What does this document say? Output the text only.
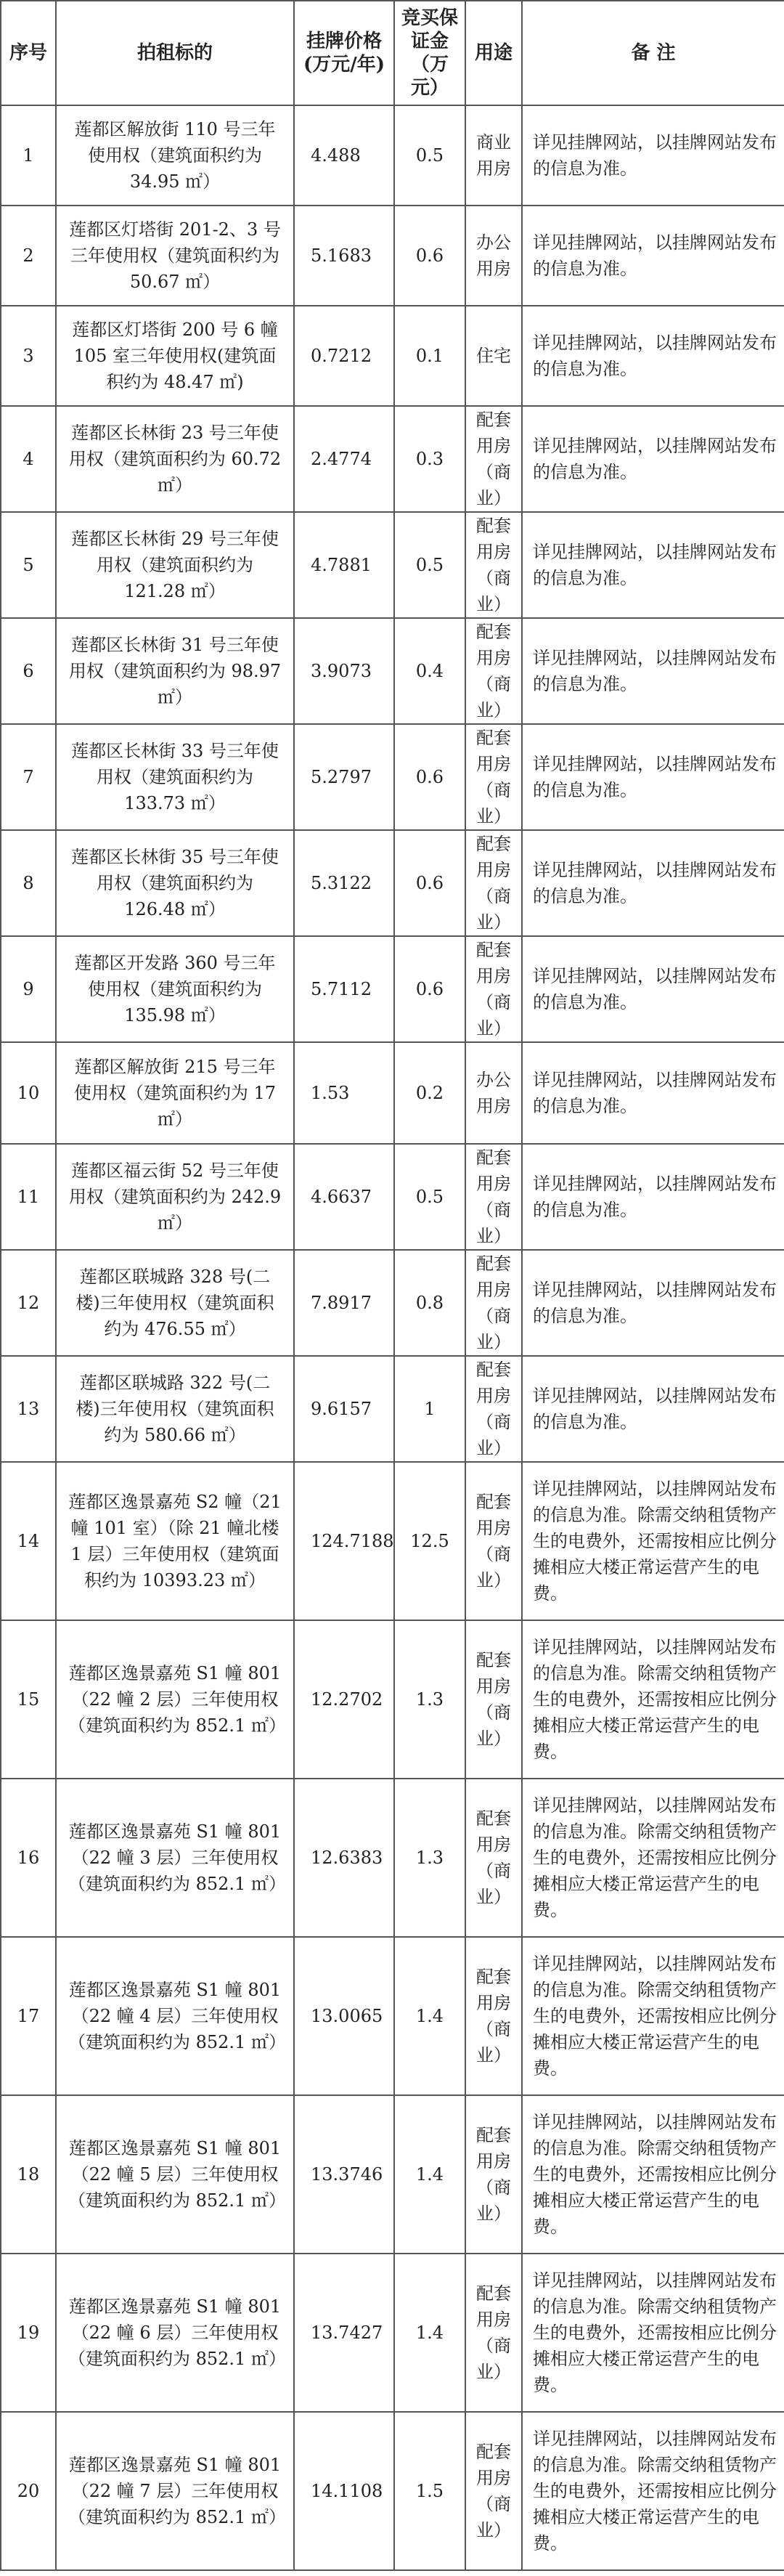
序号	拍租标的	挂牌价格(万元/年)	竞买保证金（万元）	用途	备 注
1	莲都区解放街 110 号三年使用权（建筑面积约为 34.95 ㎡）	4.488	0.5	商业用房	详见挂牌网站，以挂牌网站发布的信息为准。
2	莲都区灯塔街 201-2、3 号三年使用权（建筑面积约为 50.67 ㎡）	5.1683	0.6	办公用房	详见挂牌网站，以挂牌网站发布的信息为准。
3	莲都区灯塔街 200 号 6 幢 105 室三年使用权(建筑面积约为 48.47 ㎡)	0.7212	0.1	住宅	详见挂牌网站，以挂牌网站发布的信息为准。
4	莲都区长林街 23 号三年使用权（建筑面积约为 60.72 ㎡）	2.4774	0.3	配套用房（商业）	详见挂牌网站，以挂牌网站发布的信息为准。
5	莲都区长林街 29 号三年使用权（建筑面积约为 121.28 ㎡）	4.7881	0.5	配套用房（商业）	详见挂牌网站，以挂牌网站发布的信息为准。
6	莲都区长林街 31 号三年使用权（建筑面积约为 98.97 ㎡）	3.9073	0.4	配套用房（商业）	详见挂牌网站，以挂牌网站发布的信息为准。
7	莲都区长林街 33 号三年使用权（建筑面积约为 133.73 ㎡）	5.2797	0.6	配套用房（商业）	详见挂牌网站，以挂牌网站发布的信息为准。
8	莲都区长林街 35 号三年使用权（建筑面积约为 126.48 ㎡）	5.3122	0.6	配套用房（商业）	详见挂牌网站，以挂牌网站发布的信息为准。
9	莲都区开发路 360 号三年使用权（建筑面积约为 135.98 ㎡）	5.7112	0.6	配套用房（商业）	详见挂牌网站，以挂牌网站发布的信息为准。
10	莲都区解放街 215 号三年使用权（建筑面积约为 17 ㎡）	1.53	0.2	办公用房	详见挂牌网站，以挂牌网站发布的信息为准。
11	莲都区福云街 52 号三年使用权（建筑面积约为 242.9 ㎡）	4.6637	0.5	配套用房（商业）	详见挂牌网站，以挂牌网站发布的信息为准。
12	莲都区联城路 328 号(二楼)三年使用权（建筑面积约为 476.55 ㎡）	7.8917	0.8	配套用房（商业）	详见挂牌网站，以挂牌网站发布的信息为准。
13	莲都区联城路 322 号(二楼)三年使用权（建筑面积约为 580.66 ㎡）	9.6157	1	配套用房（商业）	详见挂牌网站，以挂牌网站发布的信息为准。
14	莲都区逸景嘉苑 S2 幢（21 幢 101 室）（除 21 幢北楼 1 层）三年使用权（建筑面积约为 10393.23 ㎡）	124.7188	12.5	配套用房（商业）	详见挂牌网站，以挂牌网站发布的信息为准。除需交纳租赁物产生的电费外，还需按相应比例分摊相应大楼正常运营产生的电费。
15	莲都区逸景嘉苑 S1 幢 801（22 幢 2 层）三年使用权（建筑面积约为 852.1 ㎡）	12.2702	1.3	配套用房（商业）	详见挂牌网站，以挂牌网站发布的信息为准。除需交纳租赁物产生的电费外，还需按相应比例分摊相应大楼正常运营产生的电费。
16	莲都区逸景嘉苑 S1 幢 801（22 幢 3 层）三年使用权（建筑面积约为 852.1 ㎡）	12.6383	1.3	配套用房（商业）	详见挂牌网站，以挂牌网站发布的信息为准。除需交纳租赁物产生的电费外，还需按相应比例分摊相应大楼正常运营产生的电费。
17	莲都区逸景嘉苑 S1 幢 801（22 幢 4 层）三年使用权（建筑面积约为 852.1 ㎡）	13.0065	1.4	配套用房（商业）	详见挂牌网站，以挂牌网站发布的信息为准。除需交纳租赁物产生的电费外，还需按相应比例分摊相应大楼正常运营产生的电费。
18	莲都区逸景嘉苑 S1 幢 801（22 幢 5 层）三年使用权（建筑面积约为 852.1 ㎡）	13.3746	1.4	配套用房（商业）	详见挂牌网站，以挂牌网站发布的信息为准。除需交纳租赁物产生的电费外，还需按相应比例分摊相应大楼正常运营产生的电费。
19	莲都区逸景嘉苑 S1 幢 801（22 幢 6 层）三年使用权（建筑面积约为 852.1 ㎡）	13.7427	1.4	配套用房（商业）	详见挂牌网站，以挂牌网站发布的信息为准。除需交纳租赁物产生的电费外，还需按相应比例分摊相应大楼正常运营产生的电费。
20	莲都区逸景嘉苑 S1 幢 801（22 幢 7 层）三年使用权（建筑面积约为 852.1 ㎡）	14.1108	1.5	配套用房（商业）	详见挂牌网站，以挂牌网站发布的信息为准。除需交纳租赁物产生的电费外，还需按相应比例分摊相应大楼正常运营产生的电费。
